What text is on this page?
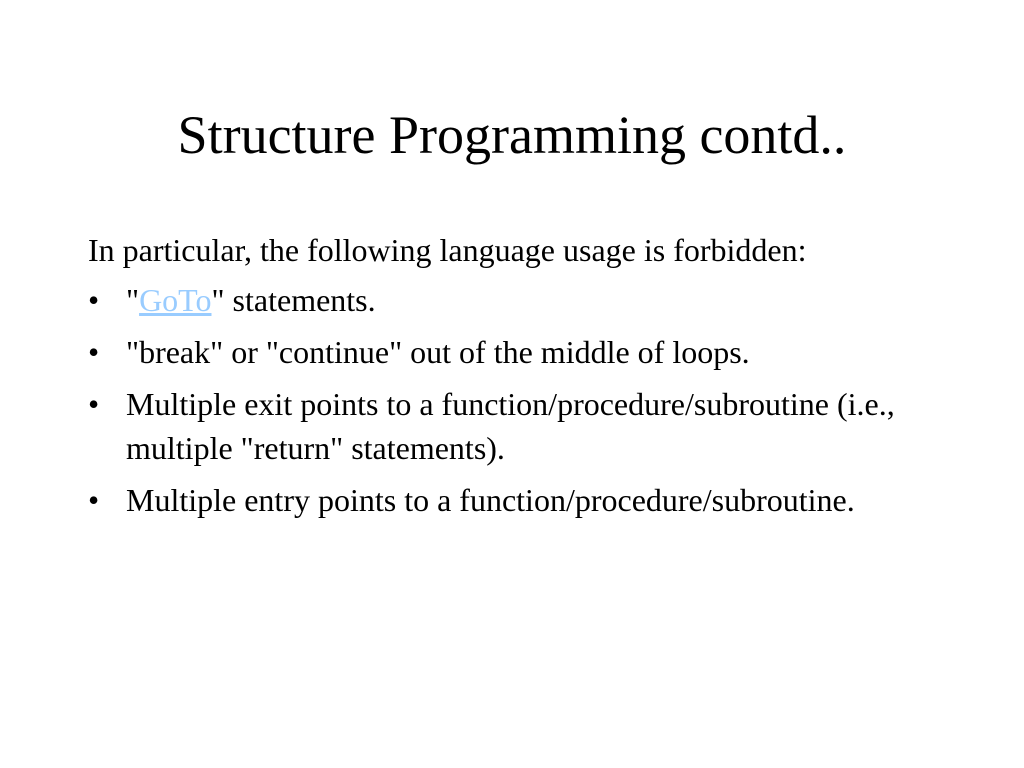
Structure Programming contd..

In particular, the following language usage is forbidden:

• "GoTo" statements.
• "break" or "continue" out of the middle of loops.
• Multiple exit points to a function/procedure/subroutine (i.e., multiple "return" statements).
• Multiple entry points to a function/procedure/subroutine.
